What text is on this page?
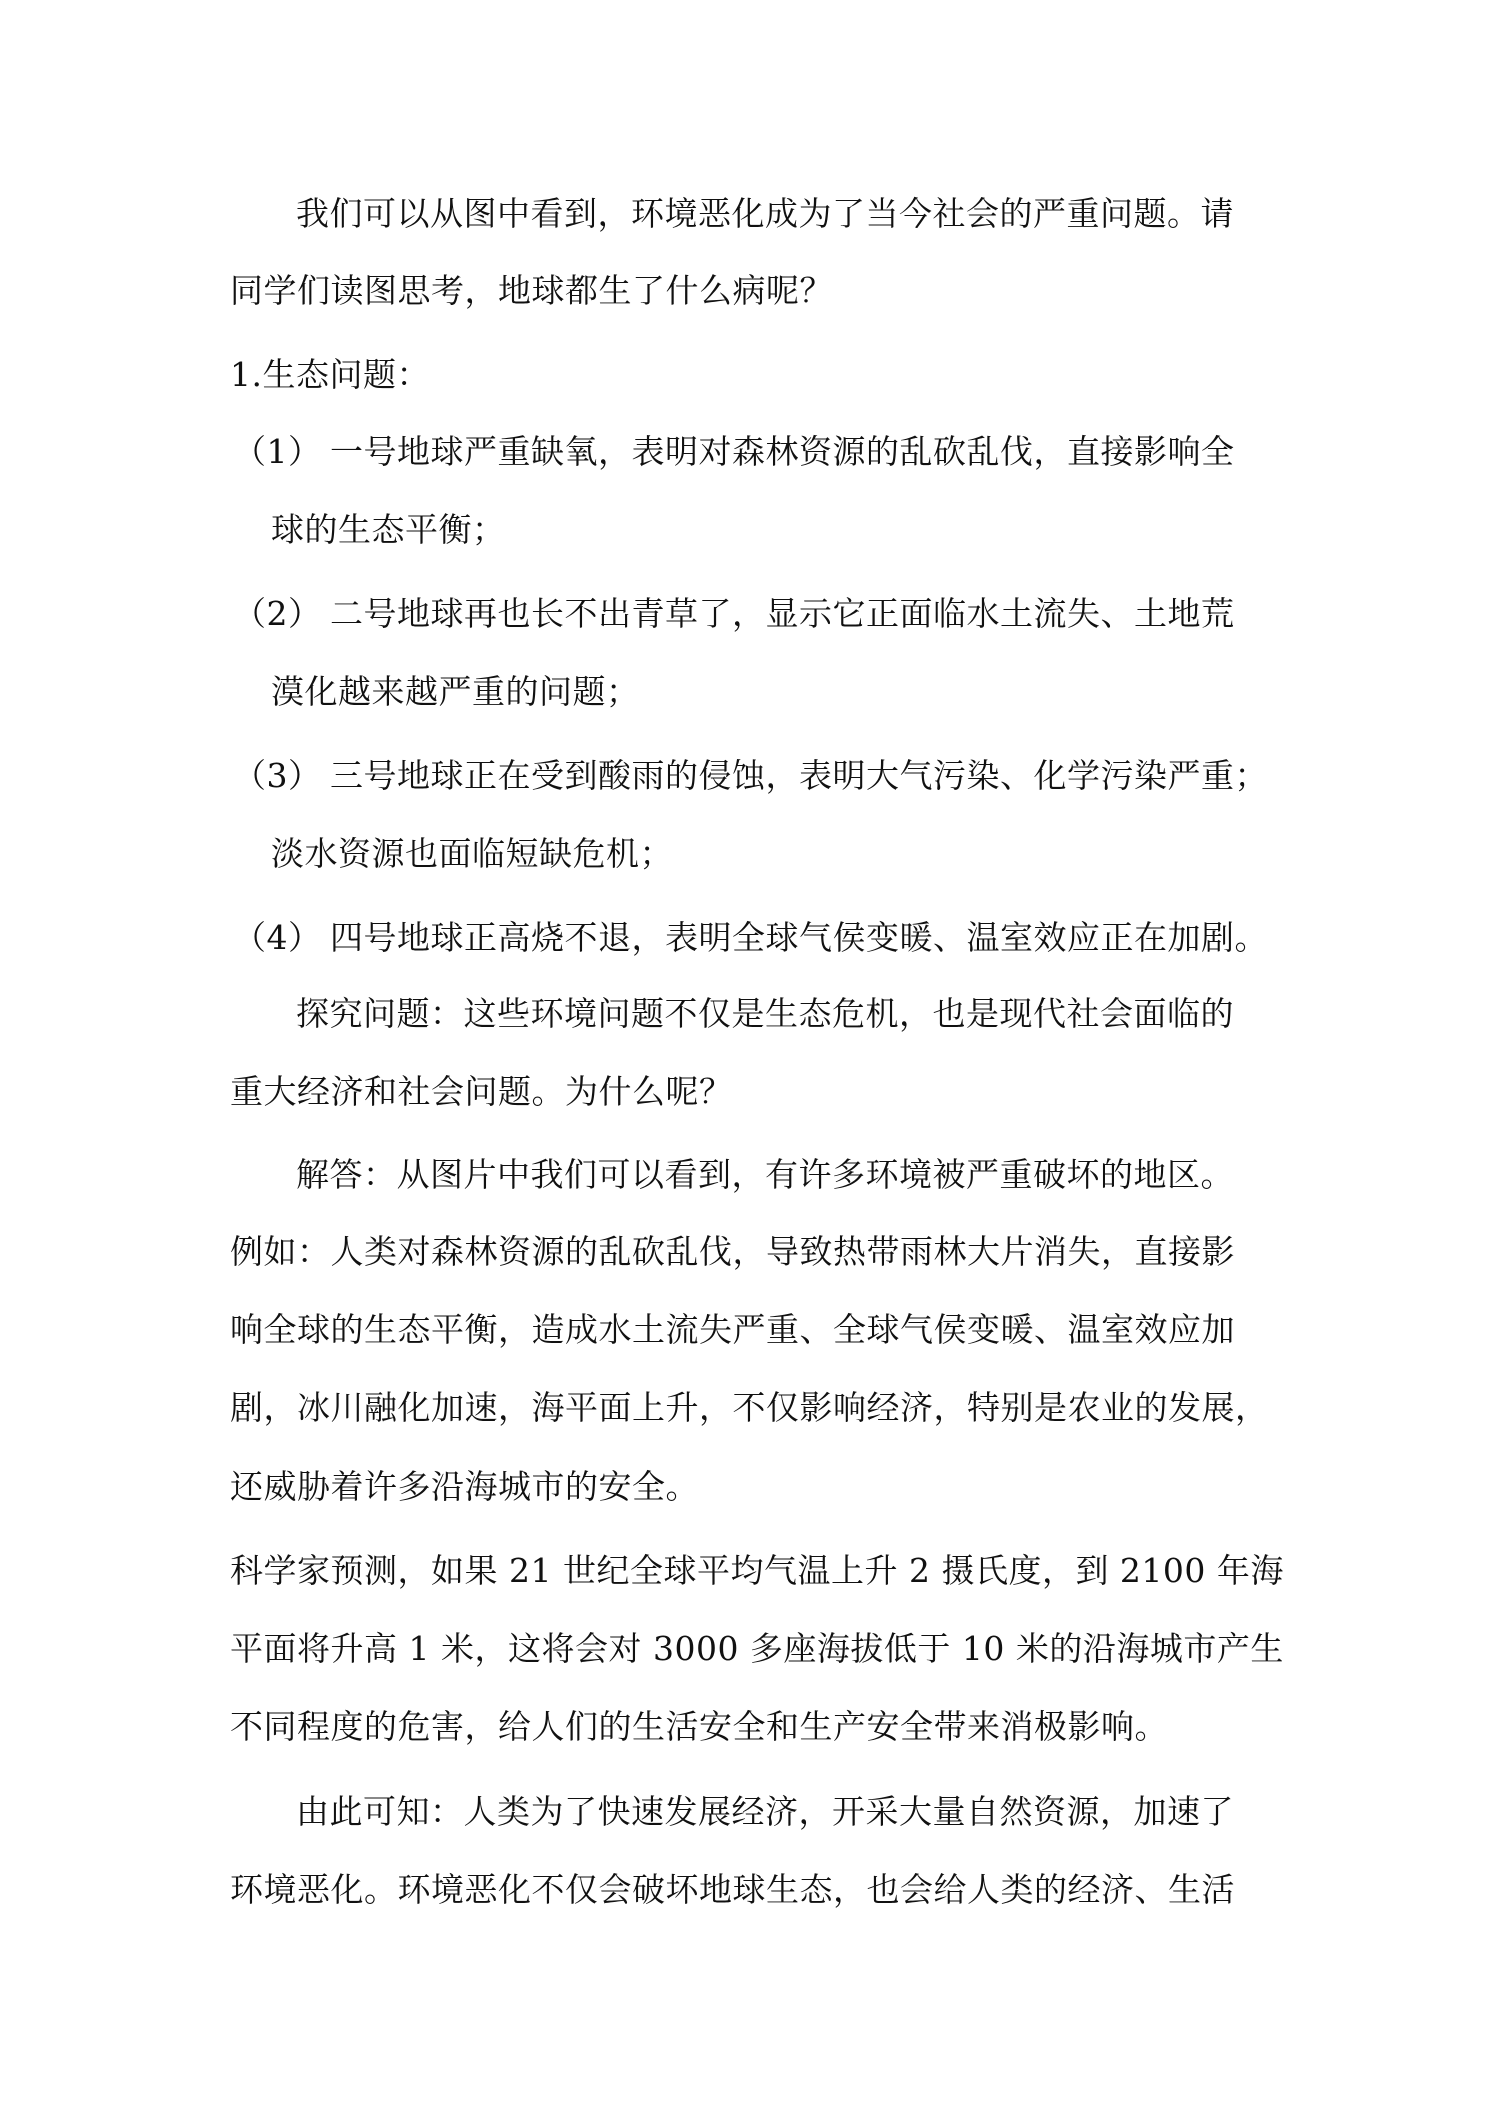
我们可以从图中看到，环境恶化成为了当今社会的严重问题。请
同学们读图思考，地球都生了什么病呢？
1.生态问题：
（1） 一号地球严重缺氧，表明对森林资源的乱砍乱伐，直接影响全
球的生态平衡；
（2） 二号地球再也长不出青草了，显示它正面临水土流失、土地荒
漠化越来越严重的问题；
（3） 三号地球正在受到酸雨的侵蚀，表明大气污染、化学污染严重；
淡水资源也面临短缺危机；
（4） 四号地球正高烧不退，表明全球气侯变暖、温室效应正在加剧。
探究问题：这些环境问题不仅是生态危机，也是现代社会面临的
重大经济和社会问题。为什么呢？
解答：从图片中我们可以看到，有许多环境被严重破坏的地区。
例如：人类对森林资源的乱砍乱伐，导致热带雨林大片消失，直接影
响全球的生态平衡，造成水土流失严重、全球气侯变暖、温室效应加
剧，冰川融化加速，海平面上升，不仅影响经济，特别是农业的发展，
还威胁着许多沿海城市的安全。
科学家预测，如果 21 世纪全球平均气温上升 2 摄氏度，到 2100 年海
平面将升高 1 米，这将会对 3000 多座海拔低于 10 米的沿海城市产生
不同程度的危害，给人们的生活安全和生产安全带来消极影响。
由此可知：人类为了快速发展经济，开采大量自然资源，加速了
环境恶化。环境恶化不仅会破坏地球生态，也会给人类的经济、生活
